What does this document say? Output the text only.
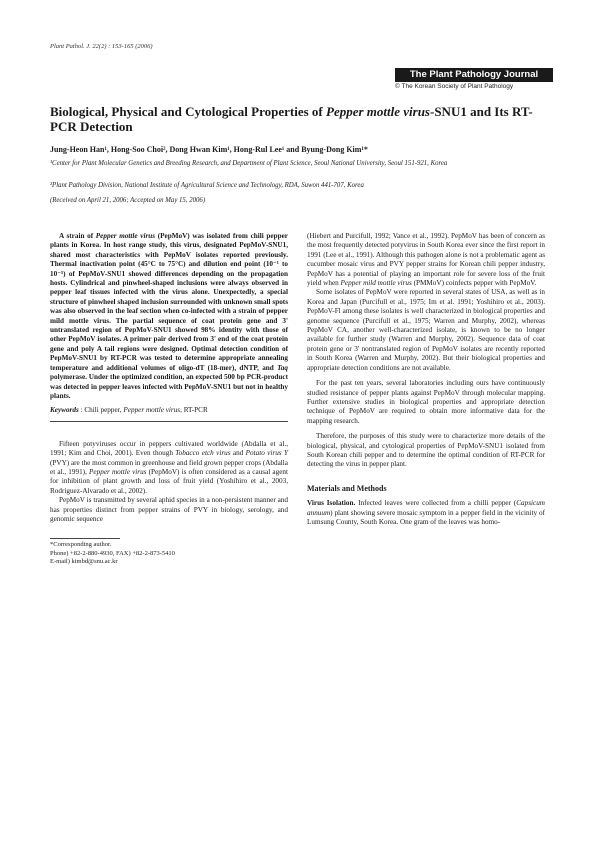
Plant Pathol. J. 22(2) : 153-165 (2006)
The Plant Pathology Journal
© The Korean Society of Plant Pathology
Biological, Physical and Cytological Properties of Pepper mottle virus-SNU1 and Its RT-PCR Detection
Jung-Heon Han¹, Hong-Soo Choi², Dong Hwan Kim¹, Hong-Rul Lee¹ and Byung-Dong Kim¹*
¹Center for Plant Molecular Genetics and Breeding Research, and Department of Plant Science, Seoul National University, Seoul 151-921, Korea
²Plant Pathology Division, National Institute of Agricultural Science and Technology, RDA, Suwon 441-707, Korea
(Received on April 21, 2006; Accepted on May 15, 2006)

A strain of Pepper mottle virus (PepMoV) was isolated from chili pepper plants in Korea. In host range study, this virus, designated PepMoV-SNU1, shared most characteristics with PepMoV isolates reported previously. Thermal inactivation point (45°C to 75°C) and dilution end point (10⁻¹ to 10⁻⁵) of PepMoV-SNU1 showed differences depending on the propagation hosts. Cylindrical and pinwheel-shaped inclusions were always observed in pepper leaf tissues infected with the virus alone. Unexpectedly, a special structure of pinwheel shaped inclusion surrounded with unknown small spots was also observed in the leaf section when co-infected with a strain of pepper mild mottle virus. The partial sequence of coat protein gene and 3' untranslated region of PepMoV-SNU1 showed 98% identity with those of other PepMoV isolates. A primer pair derived from 3' end of the coat protein gene and poly A tail regions were designed. Optimal detection condition of PepMoV-SNU1 by RT-PCR was tested to determine appropriate annealing temperature and additional volumes of oligo-dT (18-mer), dNTP, and Taq polymerase. Under the optimized condition, an expected 500 bp PCR-product was detected in pepper leaves infected with PepMoV-SNU1 but not in healthy plants.

Keywords : Chili pepper, Pepper mottle virus, RT-PCR

Fifteen potyviruses occur in peppers cultivated worldwide (Abdalla et al., 1991; Kim and Choi, 2001). Even though Tobacco etch virus and Potato virus Y (PVY) are the most common in greenhouse and field grown pepper crops (Abdalla et al., 1991), Pepper mottle virus (PepMoV) is often considered as a causal agent for inhibition of plant growth and loss of fruit yield (Yoshihiro et al., 2003, Rodriguez-Alvarado et al., 2002).

PepMoV is transmitted by several aphid species in a non-persistent manner and has properties distinct from pepper strains of PVY in biology, serology, and genomic sequence

*Corresponding author.
Phone) +82-2-880-4930, FAX) +82-2-873-5410
E-mail) kimbd@snu.ac.kr

(Hiebert and Purcifull, 1992; Vance et al., 1992). PepMoV has been of concern as the most frequently detected potyvirus in South Korea ever since the first report in 1991 (Lee et al., 1991). Although this pathogen alone is not a problematic agent as cucumber mosaic virus and PVY pepper strains for Korean chili pepper industry, PepMoV has a potential of playing an important role for severe loss of the fruit yield when Pepper mild mottle virus (PMMoV) coinfects pepper with PepMoV.

Some isolates of PepMoV were reported in several states of USA, as well as in Korea and Japan (Purcifull et al., 1975; Im et al. 1991; Yoshihiro et al., 2003). PepMoV-Fl among these isolates is well characterized in biological properties and genome sequence (Purcifull et al., 1975; Warren and Murphy, 2002), whereas PepMoV CA, another well-characterized isolate, is known to be no longer available for further study (Warren and Murphy, 2002). Sequence data of coat protein gene or 3' nontranslated region of PepMoV isolates are recently reported in South Korea (Warren and Murphy, 2002). But their biological properties and appropriate detection conditions are not available.

For the past ten years, several laboratories including ours have continuously studied resistance of pepper plants against PepMoV through molecular mapping. Further extensive studies in biological properties and appropriate detection technique of PepMoV are required to obtain more informative data for the mapping research.

Therefore, the purposes of this study were to characterize more details of the biological, physical, and cytological properties of PepMoV-SNU1 isolated from South Korean chili pepper and to determine the optimal condition of RT-PCR for detecting the virus in pepper plant.

Materials and Methods

Virus Isolation. Infected leaves were collected from a chilli pepper (Capsicum annuum) plant showing severe mosaic symptom in a pepper field in the vicinity of Lumsung County, South Korea. One gram of the leaves was homo-
